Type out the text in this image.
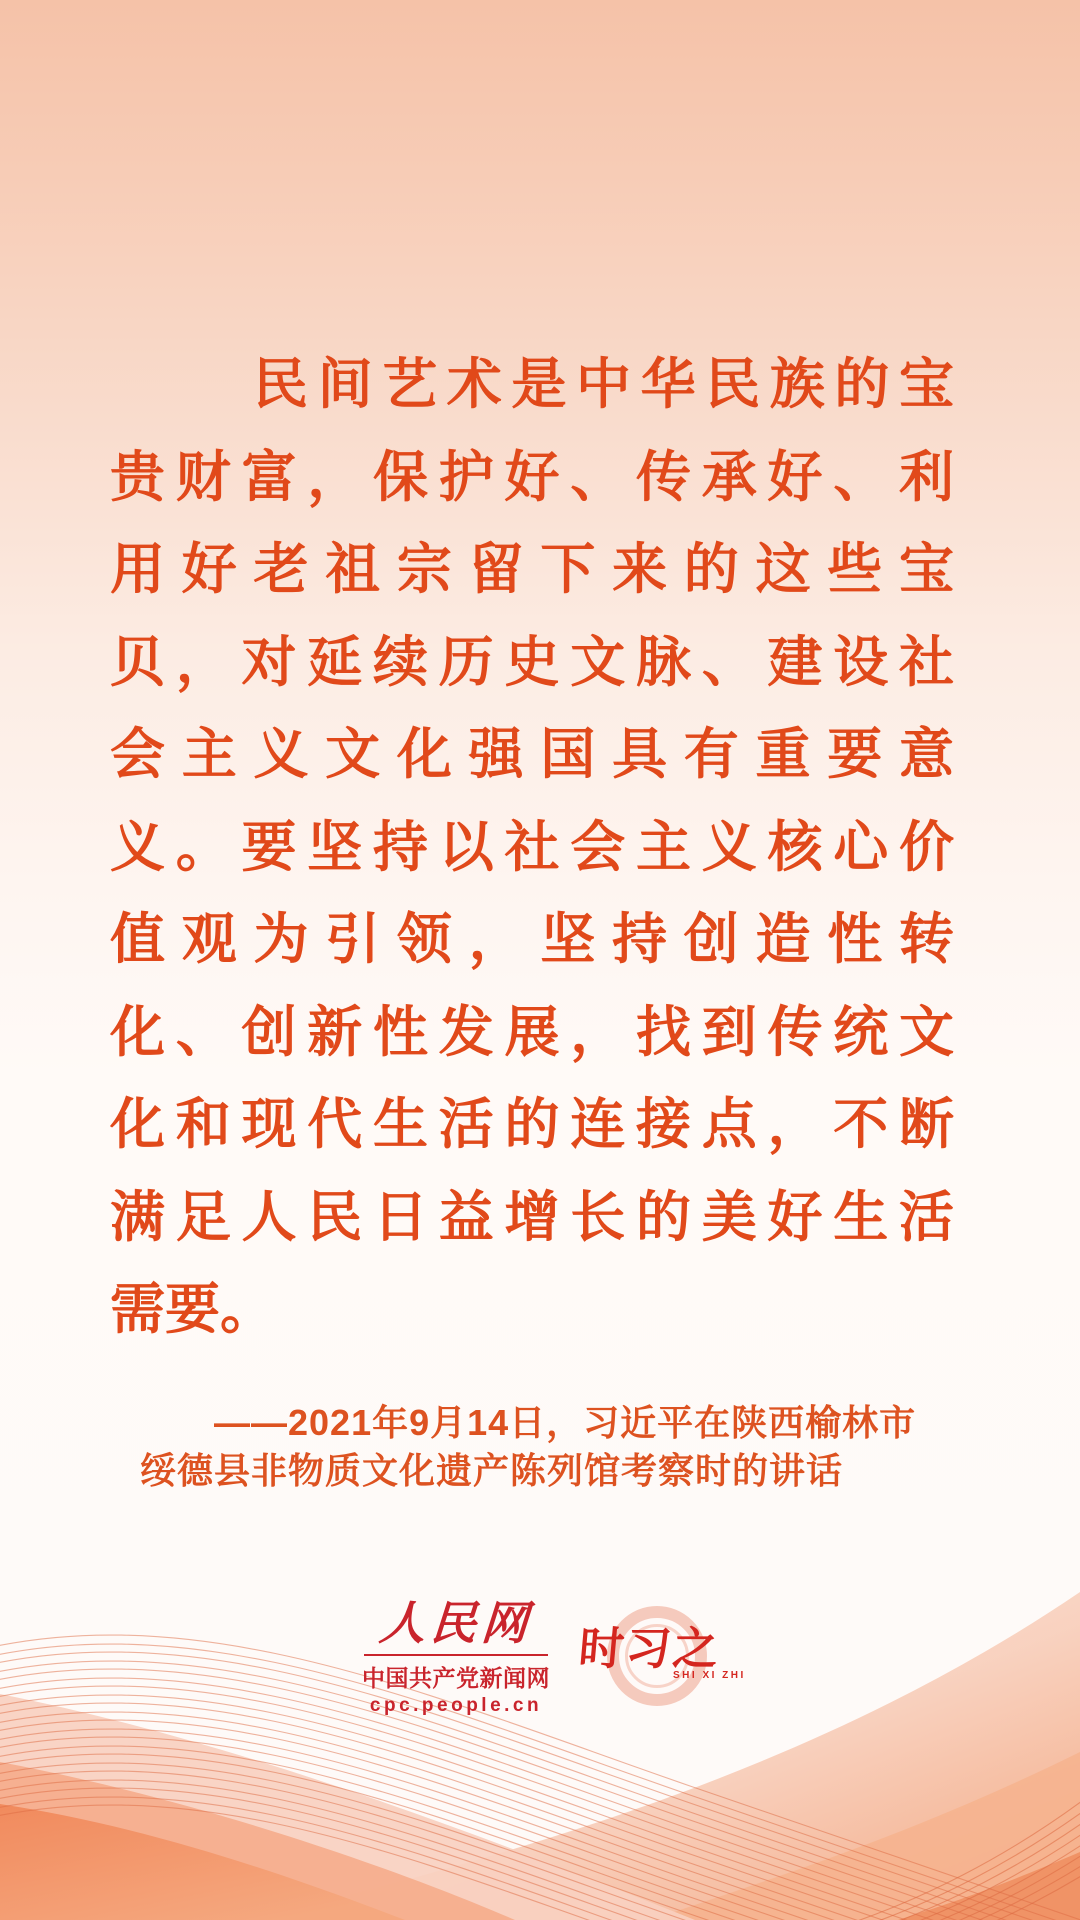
民间艺术是中华民族的宝
贵财富，保护好、传承好、利
用好老祖宗留下来的这些宝
贝，对延续历史文脉、建设社
会主义文化强国具有重要意
义。要坚持以社会主义核心价
值观为引领，坚持创造性转
化、创新性发展，找到传统文
化和现代生活的连接点，不断
满足人民日益增长的美好生活
需要。
——2021年9月14日，习近平在陕西榆林市
绥德县非物质文化遗产陈列馆考察时的讲话
人民网
中国共产党新闻网
cpc.people.cn
时习之
SHI XI ZHI
